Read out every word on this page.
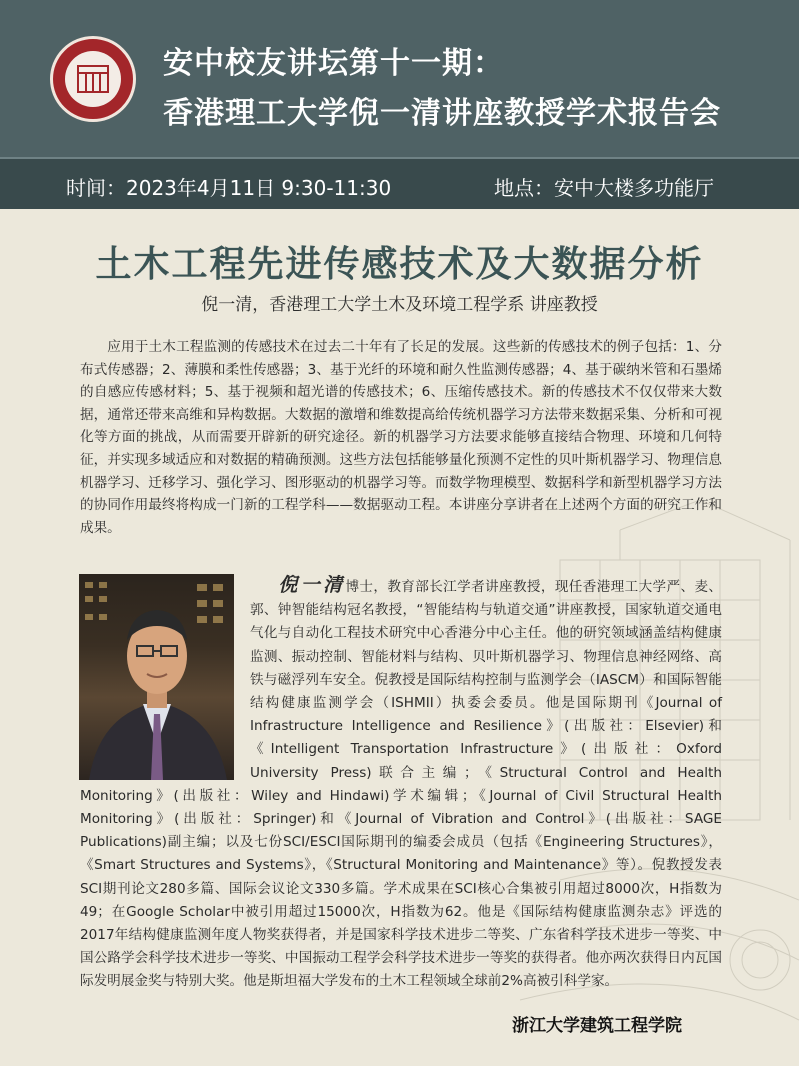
安中校友讲坛第十一期：
香港理工大学倪一清讲座教授学术报告会
时间：2023年4月11日 9:30-11:30	地点：安中大楼多功能厅
土木工程先进传感技术及大数据分析
倪一清，香港理工大学土木及环境工程学系 讲座教授

应用于土木工程监测的传感技术在过去二十年有了长足的发展。这些新的传感技术的例子包括：1、分布式传感器；2、薄膜和柔性传感器；3、基于光纤的环境和耐久性监测传感器；4、基于碳纳米管和石墨烯的自感应传感材料；5、基于视频和超光谱的传感技术；6、压缩传感技术。新的传感技术不仅仅带来大数据，通常还带来高维和异构数据。大数据的激增和维数提高给传统机器学习方法带来数据采集、分析和可视化等方面的挑战，从而需要开辟新的研究途径。新的机器学习方法要求能够直接结合物理、环境和几何特征，并实现多域适应和对数据的精确预测。这些方法包括能够量化预测不定性的贝叶斯机器学习、物理信息机器学习、迁移学习、强化学习、图形驱动的机器学习等。而数学物理模型、数据科学和新型机器学习方法的协同作用最终将构成一门新的工程学科——数据驱动工程。本讲座分享讲者在上述两个方面的研究工作和成果。

倪一清博士，教育部长江学者讲座教授，现任香港理工大学严、麦、郭、钟智能结构冠名教授，“智能结构与轨道交通”讲座教授，国家轨道交通电气化与自动化工程技术研究中心香港分中心主任。他的研究领域涵盖结构健康监测、振动控制、智能材料与结构、贝叶斯机器学习、物理信息神经网络、高铁与磁浮列车安全。倪教授是国际结构控制与监测学会（IASCM）和国际智能结构健康监测学会（ISHMII）执委会委员。他是国际期刊《Journal of Infrastructure Intelligence and Resilience》(出版社：Elsevier)和《Intelligent Transportation Infrastructure》(出版社：Oxford University Press)联合主编；《Structural Control and Health Monitoring》(出版社：Wiley and Hindawi)学术编辑；《Journal of Civil Structural Health Monitoring》(出版社：Springer)和《Journal of Vibration and Control》(出版社：SAGE Publications)副主编；以及七份SCI/ESCI国际期刊的编委会成员（包括《Engineering Structures》，《Smart Structures and Systems》，《Structural Monitoring and Maintenance》等）。倪教授发表SCI期刊论文280多篇、国际会议论文330多篇。学术成果在SCI核心合集被引用超过8000次，H指数为49；在Google Scholar中被引用超过15000次，H指数为62。他是《国际结构健康监测杂志》评选的2017年结构健康监测年度人物奖获得者，并是国家科学技术进步二等奖、广东省科学技术进步一等奖、中国公路学会科学技术进步一等奖、中国振动工程学会科学技术进步一等奖的获得者。他亦两次获得日内瓦国际发明展金奖与特别大奖。他是斯坦福大学发布的土木工程领域全球前2%高被引科学家。
浙江大学建筑工程学院
